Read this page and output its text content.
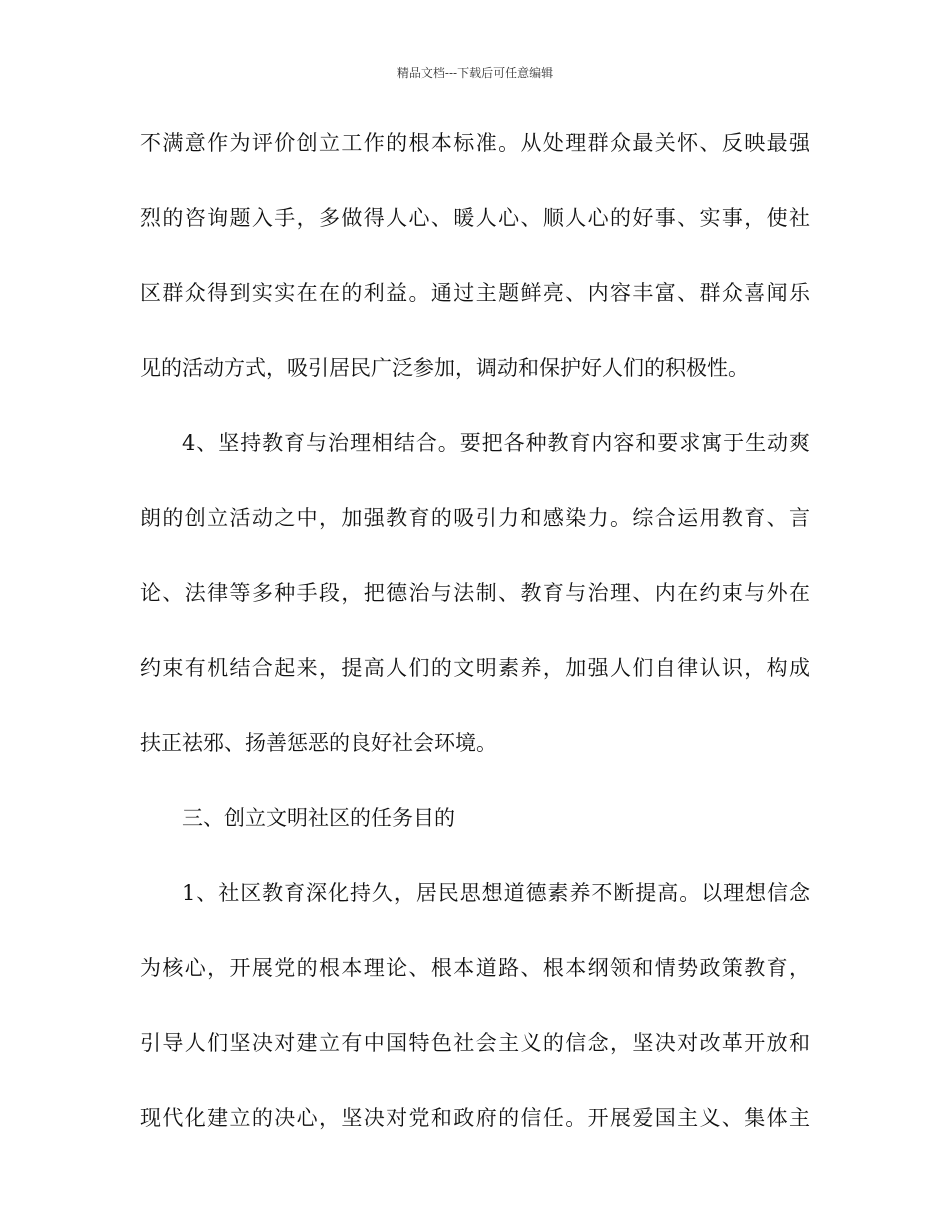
精品文档---下载后可任意编辑
不满意作为评价创立工作的根本标准。从处理群众最关怀、反映最强
烈的咨询题入手，多做得人心、暖人心、顺人心的好事、实事，使社
区群众得到实实在在的利益。通过主题鲜亮、内容丰富、群众喜闻乐
见的活动方式，吸引居民广泛参加，调动和保护好人们的积极性。
4、坚持教育与治理相结合。要把各种教育内容和要求寓于生动爽
朗的创立活动之中，加强教育的吸引力和感染力。综合运用教育、言
论、法律等多种手段，把德治与法制、教育与治理、内在约束与外在
约束有机结合起来，提高人们的文明素养，加强人们自律认识，构成
扶正祛邪、扬善惩恶的良好社会环境。
三、创立文明社区的任务目的
1、社区教育深化持久，居民思想道德素养不断提高。以理想信念
为核心，开展党的根本理论、根本道路、根本纲领和情势政策教育，
引导人们坚决对建立有中国特色社会主义的信念，坚决对改革开放和
现代化建立的决心，坚决对党和政府的信任。开展爱国主义、集体主
